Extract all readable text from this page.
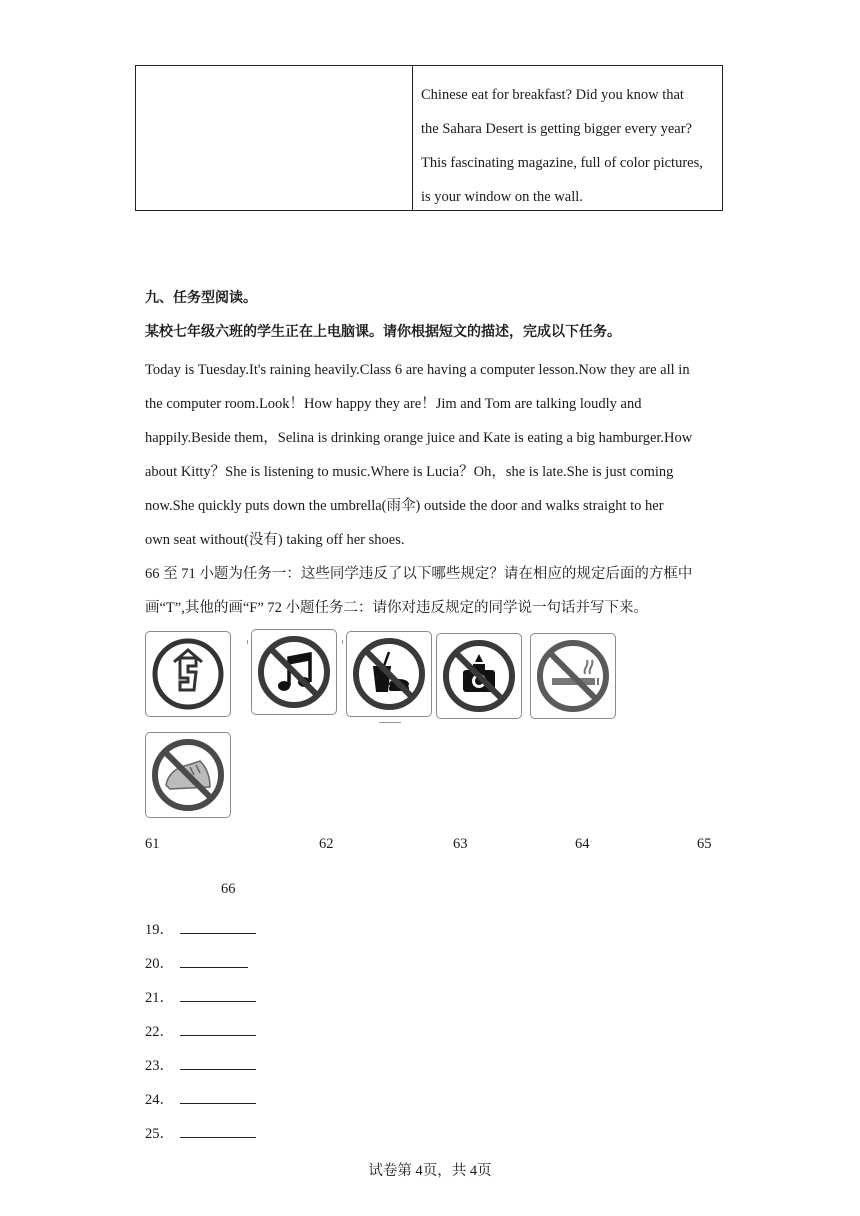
Chinese eat for breakfast? Did you know that
the Sahara Desert is getting bigger every year?
This fascinating magazine, full of color pictures,
is your window on the wall.
九、任务型阅读。
某校七年级六班的学生正在上电脑课。请你根据短文的描述，完成以下任务。
Today is Tuesday.It's raining heavily.Class 6 are having a computer lesson.Now they are all in
the computer room.Look！How happy they are！Jim and Tom are talking loudly and
happily.Beside them，Selina is drinking orange juice and Kate is eating a big hamburger.How
about Kitty？She is listening to music.Where is Lucia？Oh，she is late.She is just coming
now.She quickly puts down the umbrella(雨伞) outside the door and walks straight to her
own seat without(没有) taking off her shoes.
66 至 71 小题为任务一：这些同学违反了以下哪些规定？请在相应的规定后面的方框中
画“T”,其他的画“F” 72 小题任务二：请你对违反规定的同学说一句话并写下来。
61	62	63	64	65
66
19．
20．
21．
22．
23．
24．
25．
试卷第 4页，共 4页
